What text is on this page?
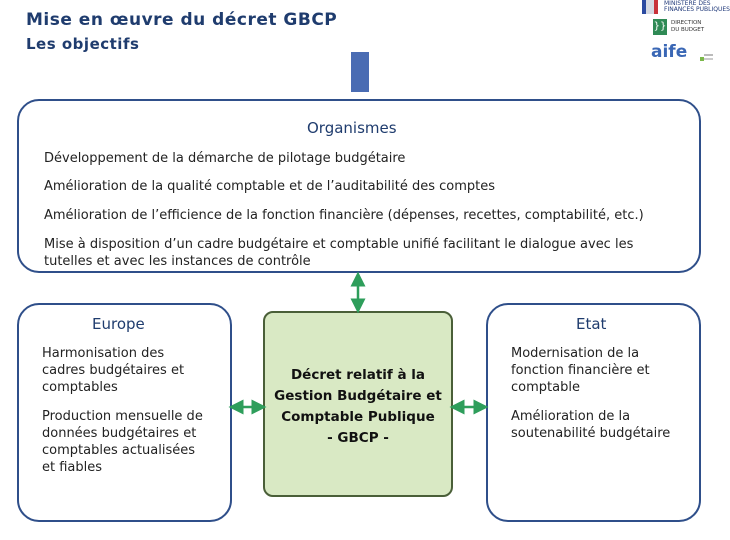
Mise en œuvre du décret GBCP
Les objectifs
MINISTÈRE DES
FINANCES PUBLIQUES
}} DIRECTION
DU BUDGET
aife
Organismes
Développement de la démarche de pilotage budgétaire
Amélioration de la qualité comptable et de l’auditabilité des comptes
Amélioration de l’efficience de la fonction financière (dépenses, recettes, comptabilité, etc.)
Mise à disposition d’un cadre budgétaire et comptable unifié facilitant le dialogue avec les
tutelles et avec les instances de contrôle
Europe
Harmonisation des
cadres budgétaires et
comptables
Production mensuelle de
données budgétaires et
comptables actualisées
et fiables
Etat
Modernisation de la
fonction financière et
comptable
Amélioration de la
soutenabilité budgétaire
Décret relatif à la
Gestion Budgétaire et
Comptable Publique
- GBCP -
